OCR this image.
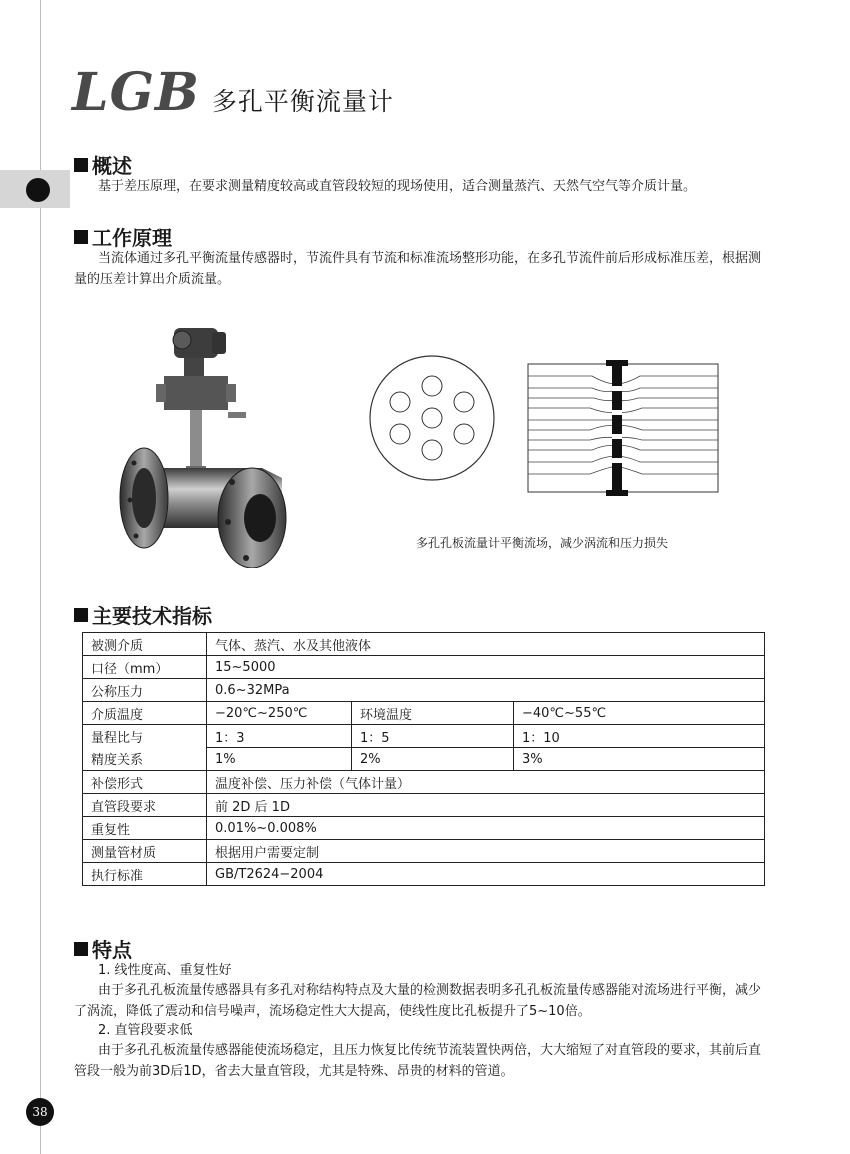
LGB 多孔平衡流量计
概述
基于差压原理，在要求测量精度较高或直管段较短的现场使用，适合测量蒸汽、天然气空气等介质计量。
工作原理
当流体通过多孔平衡流量传感器时，节流件具有节流和标准流场整形功能，在多孔节流件前后形成标准压差，根据测量的压差计算出介质流量。
多孔孔板流量计平衡流场，减少涡流和压力损失
主要技术指标
被测介质	气体、蒸汽、水及其他液体		
口径（mm）	15~5000		
公称压力	0.6~32MPa		
介质温度	−20℃~250℃	环境温度	−40℃~55℃
量程比与	1：3	1：5	1：10
精度关系	1%	2%	3%
补偿形式	温度补偿、压力补偿（气体计量）		
直管段要求	前 2D 后 1D		
重复性	0.01%~0.008%		
测量管材质	根据用户需要定制		
执行标准	GB/T2624−2004		
特点
1. 线性度高、重复性好
由于多孔孔板流量传感器具有多孔对称结构特点及大量的检测数据表明多孔孔板流量传感器能对流场进行平衡，减少了涡流，降低了震动和信号噪声，流场稳定性大大提高，使线性度比孔板提升了5~10倍。
2. 直管段要求低
由于多孔孔板流量传感器能使流场稳定，且压力恢复比传统节流装置快两倍，大大缩短了对直管段的要求，其前后直管段一般为前3D后1D，省去大量直管段，尤其是特殊、昂贵的材料的管道。
38
